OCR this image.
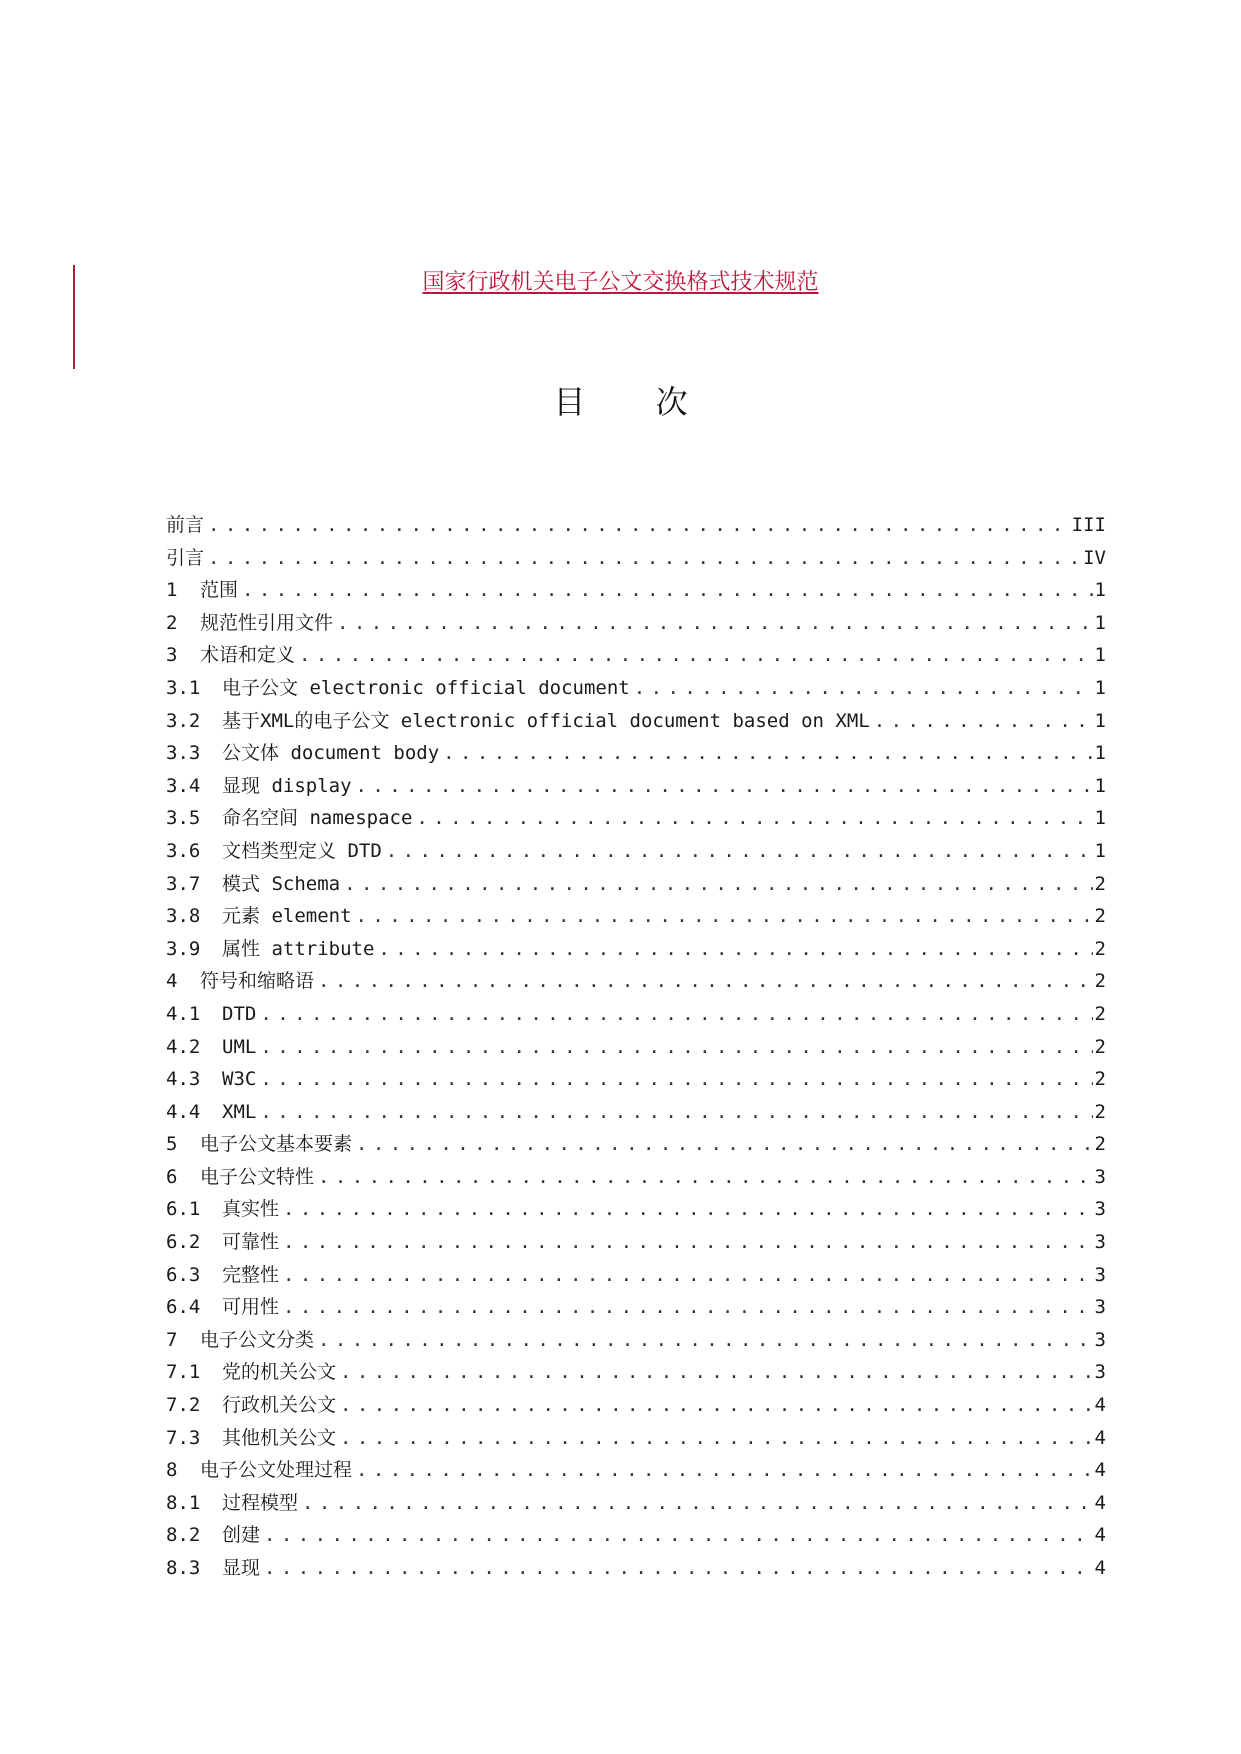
国家行政机关电子公文交换格式技术规范
目 次
前言 . . .	III
引言 . . .	IV
1	范围 . . .	1
2	规范性引用文件 . . .	1
3	术语和定义 . . .	1
3.1	电子公文 electronic official document . . .	1
3.2	基于XML的电子公文 electronic official document based on XML . . .	1
3.3	公文体 document body . . .	1
3.4	显现 display . . .	1
3.5	命名空间 namespace . . .	1
3.6	文档类型定义 DTD . . .	1
3.7	模式 Schema . . .	2
3.8	元素 element . . .	2
3.9	属性 attribute . . .	2
4	符号和缩略语 . . .	2
4.1	DTD . . .	2
4.2	UML . . .	2
4.3	W3C . . .	2
4.4	XML . . .	2
5	电子公文基本要素 . . .	2
6	电子公文特性 . . .	3
6.1	真实性 . . .	3
6.2	可靠性 . . .	3
6.3	完整性 . . .	3
6.4	可用性 . . .	3
7	电子公文分类 . . .	3
7.1	党的机关公文 . . .	3
7.2	行政机关公文 . . .	4
7.3	其他机关公文 . . .	4
8	电子公文处理过程 . . .	4
8.1	过程模型 . . .	4
8.2	创建 . . .	4
8.3	显现 . . .	4
